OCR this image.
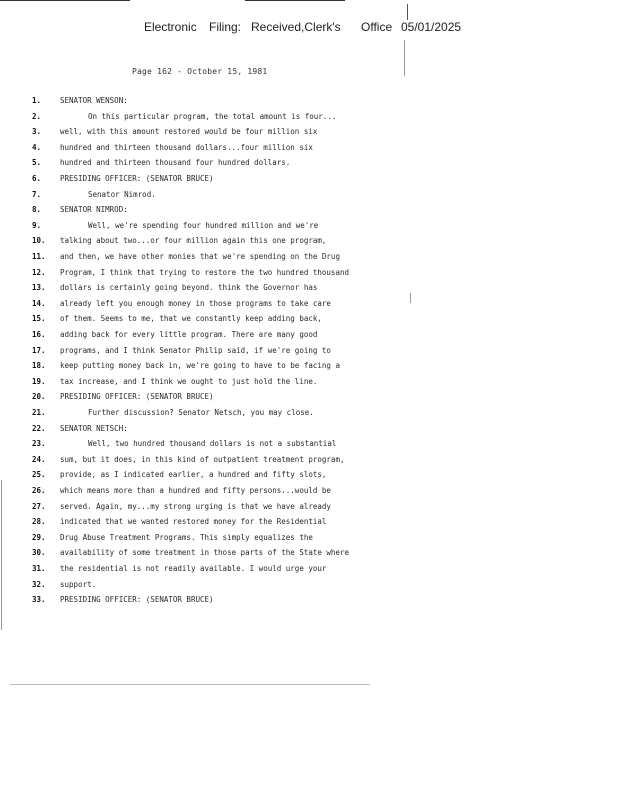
Electronic Filing: Received,Clerk's Office 05/01/2025
Page 162 - October 15, 1981
1.	SENATOR WENSON:
2.	On this particular program, the total amount is four...
3.	well, with this amount restored would be four million six
4.	hundred and thirteen thousand dollars...four million six
5.	hundred and thirteen thousand four hundred dollars.
6.	PRESIDING OFFICER: (SENATOR BRUCE)
7.	Senator Nimrod.
8.	SENATOR NIMROD:
9.	Well, we're spending four hundred million and we're
10.	talking about two...or four million again this one program,
11.	and then, we have other monies that we're spending on the Drug
12.	Program, I think that trying to restore the two hundred thousand
13.	dollars is certainly going beyond. think the Governor has
14.	already left you enough money in those programs to take care
15.	of them. Seems to me, that we constantly keep adding back,
16.	adding back for every little program. There are many good
17.	programs, and I think Senator Philip said, if we're going to
18.	keep putting money back in, we're going to have to be facing a
19.	tax increase, and I think we ought to just hold the line.
20.	PRESIDING OFFICER: (SENATOR BRUCE)
21.	Further discussion? Senator Netsch, you may close.
22.	SENATOR NETSCH:
23.	Well, two hundred thousand dollars is not a substantial
24.	sum, but it does, in this kind of outpatient treatment program,
25.	provide, as I indicated earlier, a hundred and fifty slots,
26.	which means more than a hundred and fifty persons...would be
27.	served. Again, my...my strong urging is that we have already
28.	indicated that we wanted restored money for the Residential
29.	Drug Abuse Treatment Programs. This simply equalizes the
30.	availability of some treatment in those parts of the State where
31.	the residential is not readily available. I would urge your
32.	support.
33.	PRESIDING OFFICER: (SENATOR BRUCE)
